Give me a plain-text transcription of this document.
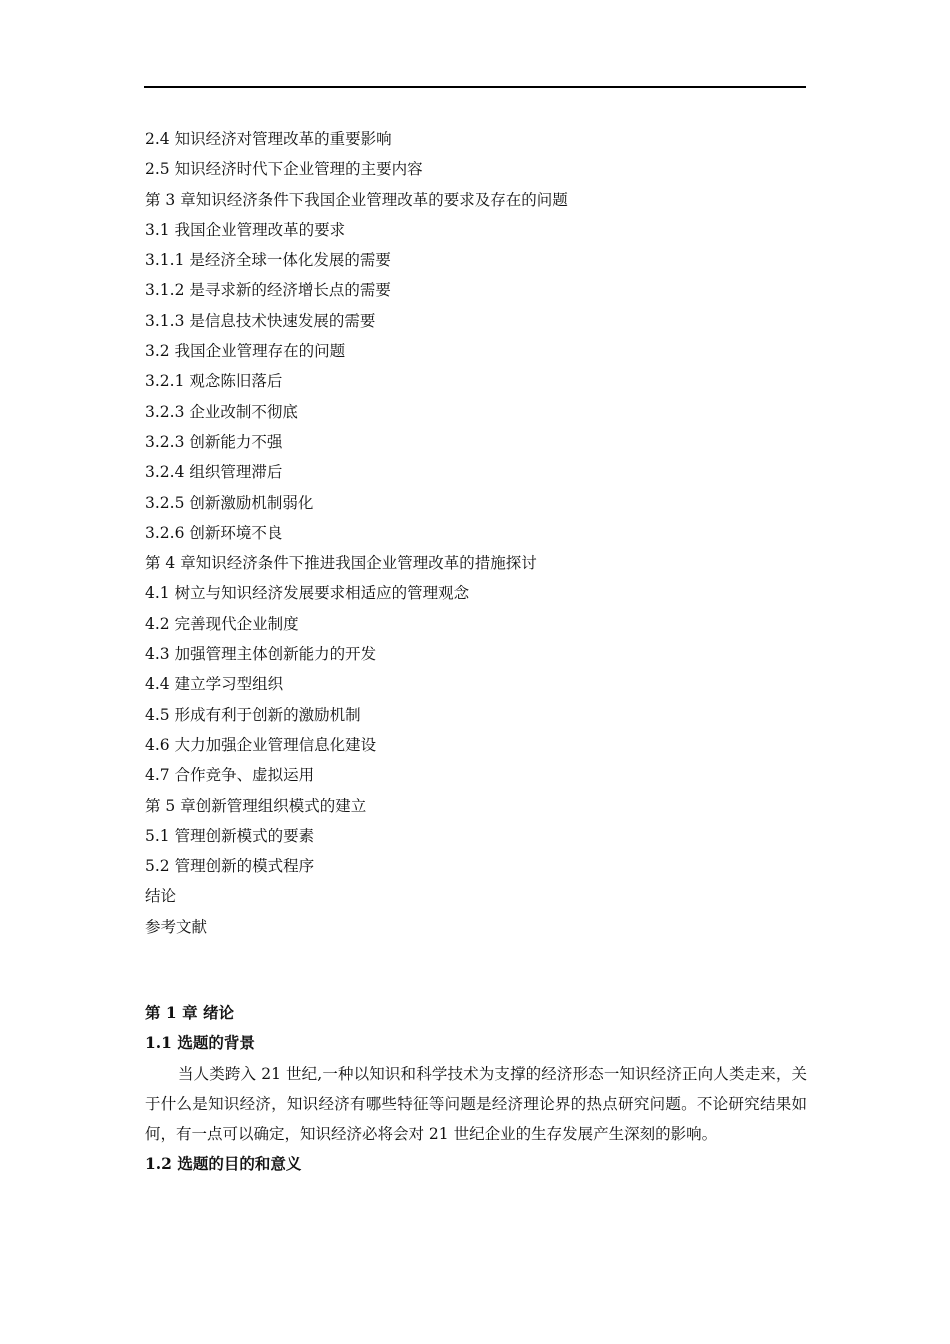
2.4 知识经济对管理改革的重要影响
2.5 知识经济时代下企业管理的主要内容
第 3 章知识经济条件下我国企业管理改革的要求及存在的问题
3.1 我国企业管理改革的要求
3.1.1 是经济全球一体化发展的需要
3.1.2 是寻求新的经济增长点的需要
3.1.3 是信息技术快速发展的需要
3.2 我国企业管理存在的问题
3.2.1 观念陈旧落后
3.2.3 企业改制不彻底
3.2.3 创新能力不强
3.2.4 组织管理滞后
3.2.5 创新激励机制弱化
3.2.6 创新环境不良
第 4 章知识经济条件下推进我国企业管理改革的措施探讨
4.1 树立与知识经济发展要求相适应的管理观念
4.2 完善现代企业制度
4.3 加强管理主体创新能力的开发
4.4 建立学习型组织
4.5 形成有利于创新的激励机制
4.6 大力加强企业管理信息化建设
4.7 合作竞争、虚拟运用
第 5 章创新管理组织模式的建立
5.1 管理创新模式的要素
5.2 管理创新的模式程序
结论
参考文献
第 1 章 绪论
1.1 选题的背景

当人类跨入 21 世纪,一种以知识和科学技术为支撑的经济形态一知识经济正向人类走来，关于什么是知识经济，知识经济有哪些特征等问题是经济理论界的热点研究问题。不论研究结果如何，有一点可以确定，知识经济必将会对 21 世纪企业的生存发展产生深刻的影响。

1.2 选题的目的和意义
